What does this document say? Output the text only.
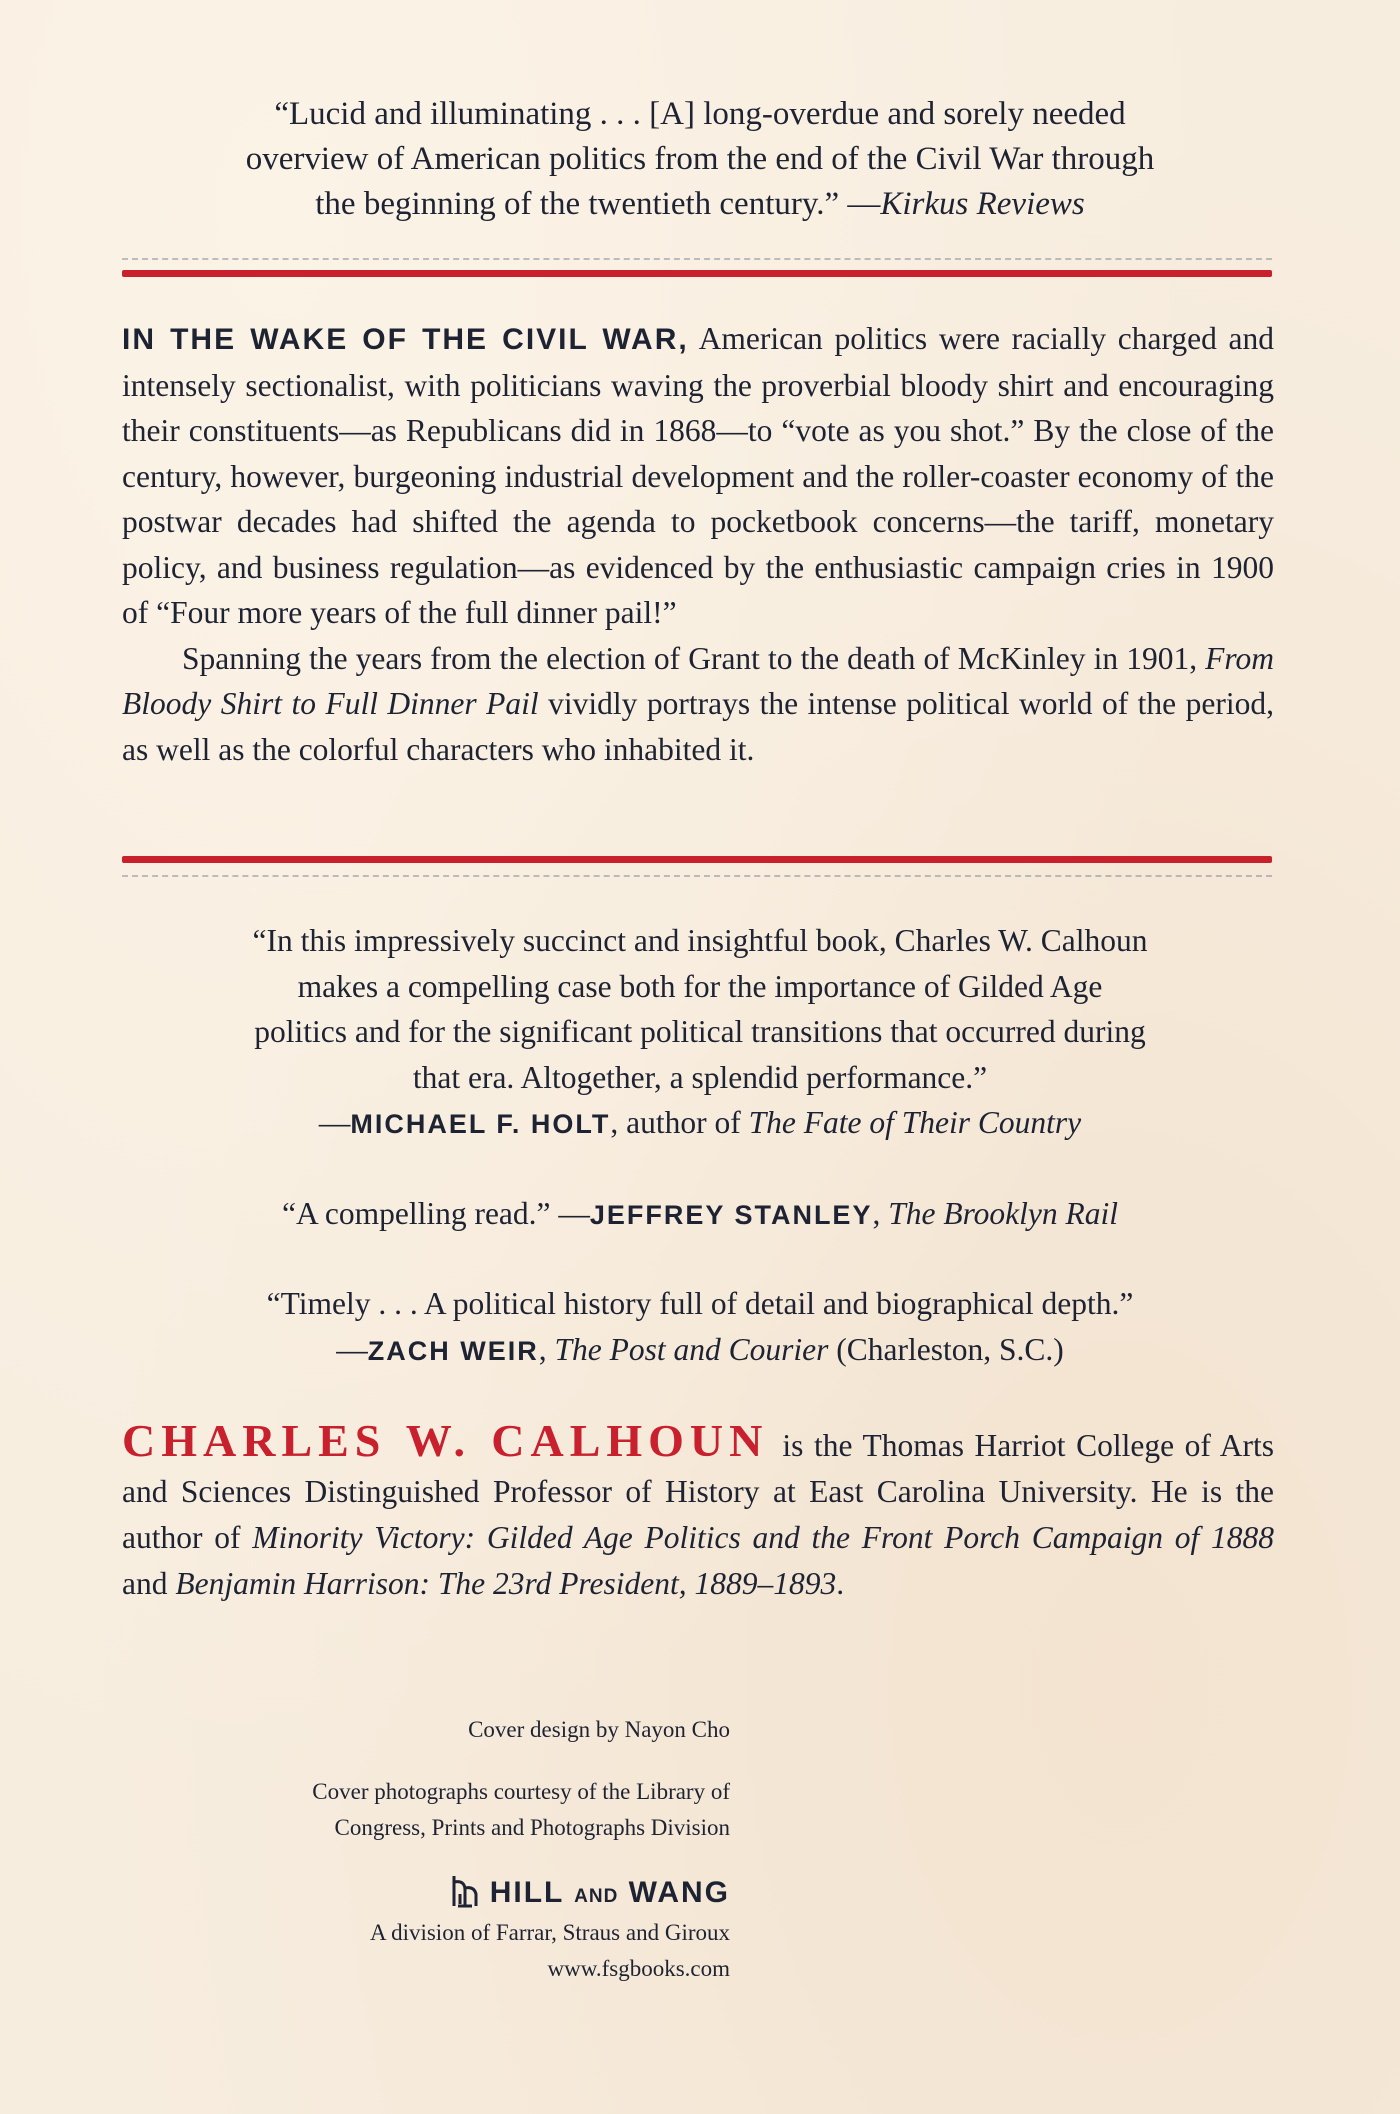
“Lucid and illuminating . . . [A] long-overdue and sorely needed
overview of American politics from the end of the Civil War through
the beginning of the twentieth century.” —Kirkus Reviews

IN THE WAKE OF THE CIVIL WAR, American politics were racially charged and intensely sectionalist, with politicians waving the proverbial bloody shirt and encouraging their constituents—as Republicans did in 1868—to “vote as you shot.” By the close of the century, however, burgeoning industrial development and the roller-coaster economy of the postwar decades had shifted the agenda to pocketbook concerns—the tariff, monetary policy, and business regulation—as evidenced by the enthusiastic campaign cries in 1900 of “Four more years of the full dinner pail!”

Spanning the years from the election of Grant to the death of McKinley in 1901, From Bloody Shirt to Full Dinner Pail vividly portrays the intense political world of the period, as well as the colorful characters who inhabited it.

“In this impressively succinct and insightful book, Charles W. Calhoun
makes a compelling case both for the importance of Gilded Age
politics and for the significant political transitions that occurred during
that era. Altogether, a splendid performance.”
—MICHAEL F. HOLT, author of The Fate of Their Country

“A compelling read.” —JEFFREY STANLEY, The Brooklyn Rail

“Timely . . . A political history full of detail and biographical depth.”
—ZACH WEIR, The Post and Courier (Charleston, S.C.)

CHARLES W. CALHOUN is the Thomas Harriot College of Arts and Sciences Distinguished Professor of History at East Carolina University. He is the author of Minority Victory: Gilded Age Politics and the Front Porch Campaign of 1888 and Benjamin Harrison: The 23rd President, 1889–1893.

Cover design by Nayon Cho

Cover photographs courtesy of the Library of

Congress, Prints and Photographs Division

HILL AND WANG

A division of Farrar, Straus and Giroux

www.fsgbooks.com
